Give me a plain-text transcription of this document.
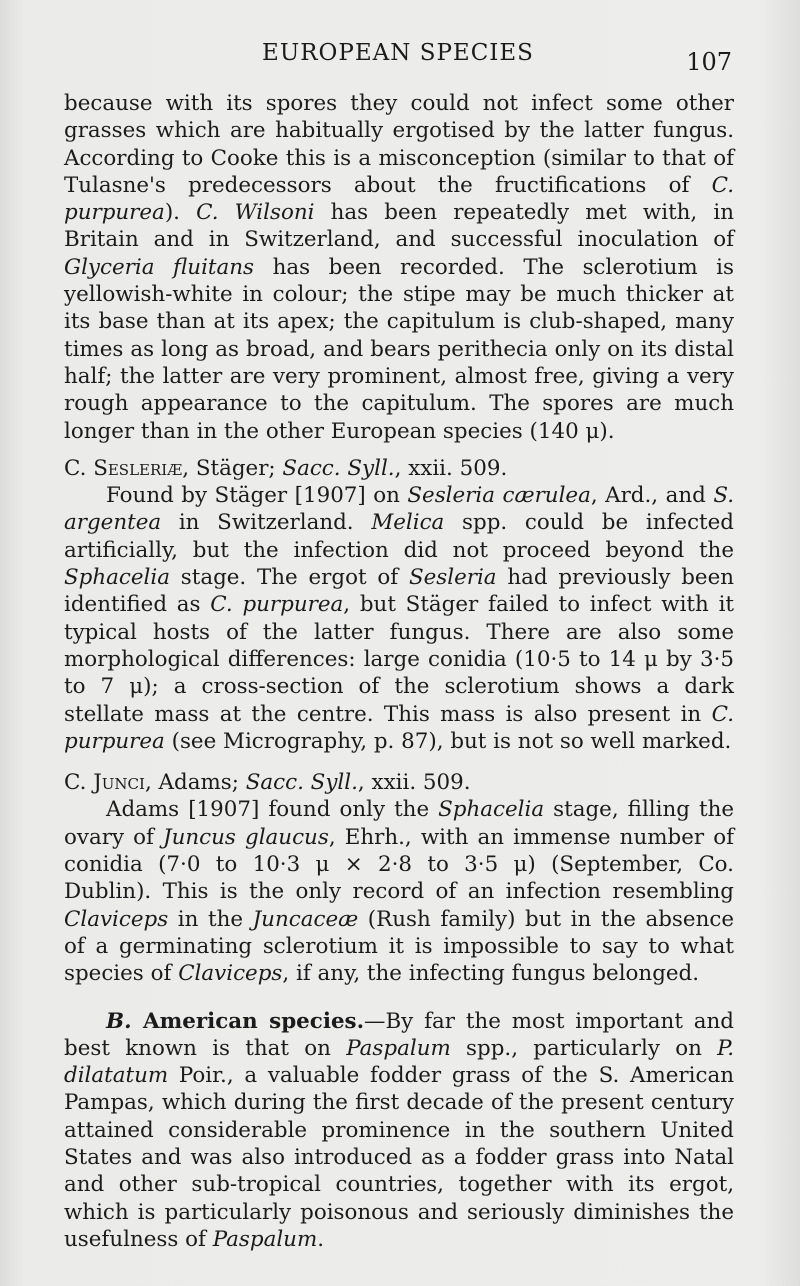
EUROPEAN SPECIES	107

because with its spores they could not infect some other grasses which are habitually ergotised by the latter fungus. According to Cooke this is a misconception (similar to that of Tulasne's predecessors about the fructifications of C. purpurea). C. Wilsoni has been repeatedly met with, in Britain and in Switzerland, and successful inoculation of Glyceria fluitans has been recorded. The sclerotium is yellowish-white in colour; the stipe may be much thicker at its base than at its apex; the capitulum is club-shaped, many times as long as broad, and bears perithecia only on its distal half; the latter are very prominent, almost free, giving a very rough appearance to the capitulum. The spores are much longer than in the other European species (140 μ).

C. Sesleriæ, Stäger; Sacc. Syll., xxii. 509.

Found by Stäger [1907] on Sesleria cærulea, Ard., and S. argentea in Switzerland. Melica spp. could be infected artificially, but the infection did not proceed beyond the Sphacelia stage. The ergot of Sesleria had previously been identified as C. purpurea, but Stäger failed to infect with it typical hosts of the latter fungus. There are also some morphological differences: large conidia (10·5 to 14 μ by 3·5 to 7 μ); a cross-section of the sclerotium shows a dark stellate mass at the centre. This mass is also present in C. purpurea (see Micrography, p. 87), but is not so well marked.

C. Junci, Adams; Sacc. Syll., xxii. 509.

Adams [1907] found only the Sphacelia stage, filling the ovary of Juncus glaucus, Ehrh., with an immense number of conidia (7·0 to 10·3 μ × 2·8 to 3·5 μ) (September, Co. Dublin). This is the only record of an infection resembling Claviceps in the Juncaceæ (Rush family) but in the absence of a germinating sclerotium it is impossible to say to what species of Claviceps, if any, the infecting fungus belonged.

B. American species.—By far the most important and best known is that on Paspalum spp., particularly on P. dilatatum Poir., a valuable fodder grass of the S. American Pampas, which during the first decade of the present century attained considerable prominence in the southern United States and was also introduced as a fodder grass into Natal and other sub-tropical countries, together with its ergot, which is particularly poisonous and seriously diminishes the usefulness of Paspalum.
